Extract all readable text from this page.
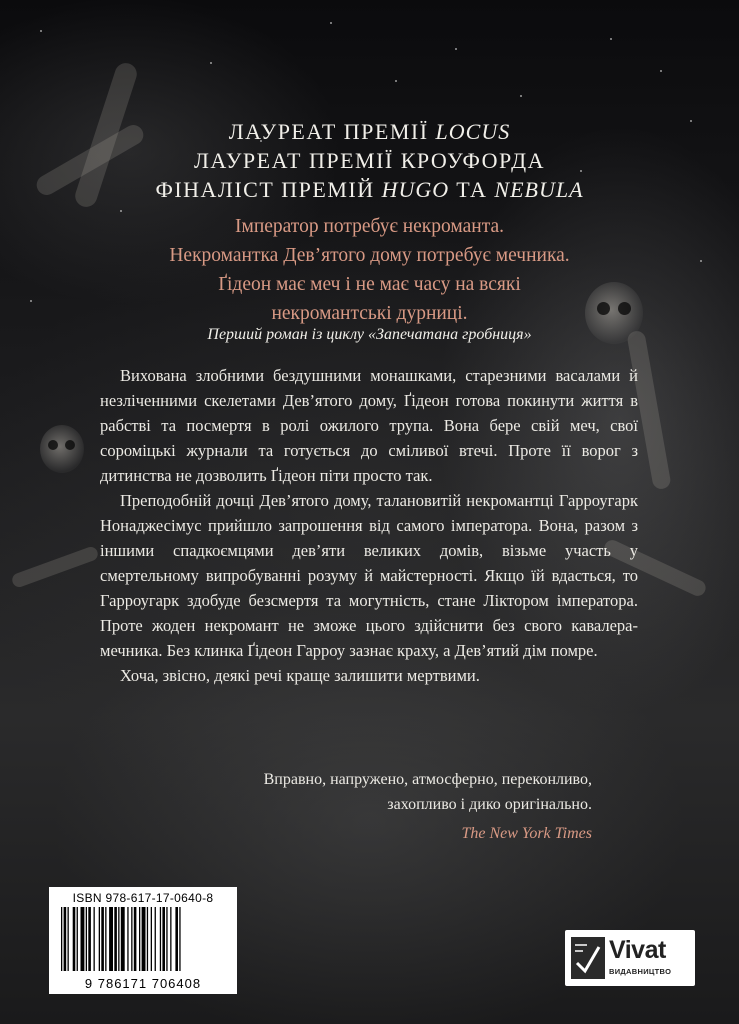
ЛАУРЕАТ ПРЕМІЇ LOCUS
ЛАУРЕАТ ПРЕМІЇ КРОУФОРДА
ФІНАЛІСТ ПРЕМІЙ HUGO ТА NEBULA
Імператор потребує некроманта.
Некромантка Дев’ятого дому потребує мечника.
Ґідеон має меч і не має часу на всякі
некромантські дурниці.
Перший роман із циклу «Запечатана гробниця»

Вихована злобними бездушними монашками, старезними васалами й незліченними скелетами Дев’ятого дому, Ґідеон готова покинути життя в рабстві та посмертя в ролі ожилого трупа. Вона бере свій меч, свої сороміцькі журнали та готується до сміливої втечі. Проте її ворог з дитинства не дозволить Ґідеон піти просто так.

Преподобній дочці Дев’ятого дому, талановитій некромантці Гарроугарк Нонаджесімус прийшло запрошення від самого імператора. Вона, разом з іншими спадкоємцями дев’яти великих домів, візьме участь у смертельному випробуванні розуму й майстерності. Якщо їй вдасться, то Гарроугарк здобуде безсмертя та могутність, стане Ліктором імператора. Проте жоден некромант не зможе цього здійснити без свого кавалера-мечника. Без клинка Ґідеон Гарроу зазнає краху, а Дев’ятий дім помре.

Хоча, звісно, деякі речі краще залишити мертвими.

Вправно, напружено, атмосферно, переконливо,
захопливо і дико оригінально.
The New York Times
ISBN 978-617-17-0640-8
9 786171 706408
Vivat
ВИДАВНИЦТВО
